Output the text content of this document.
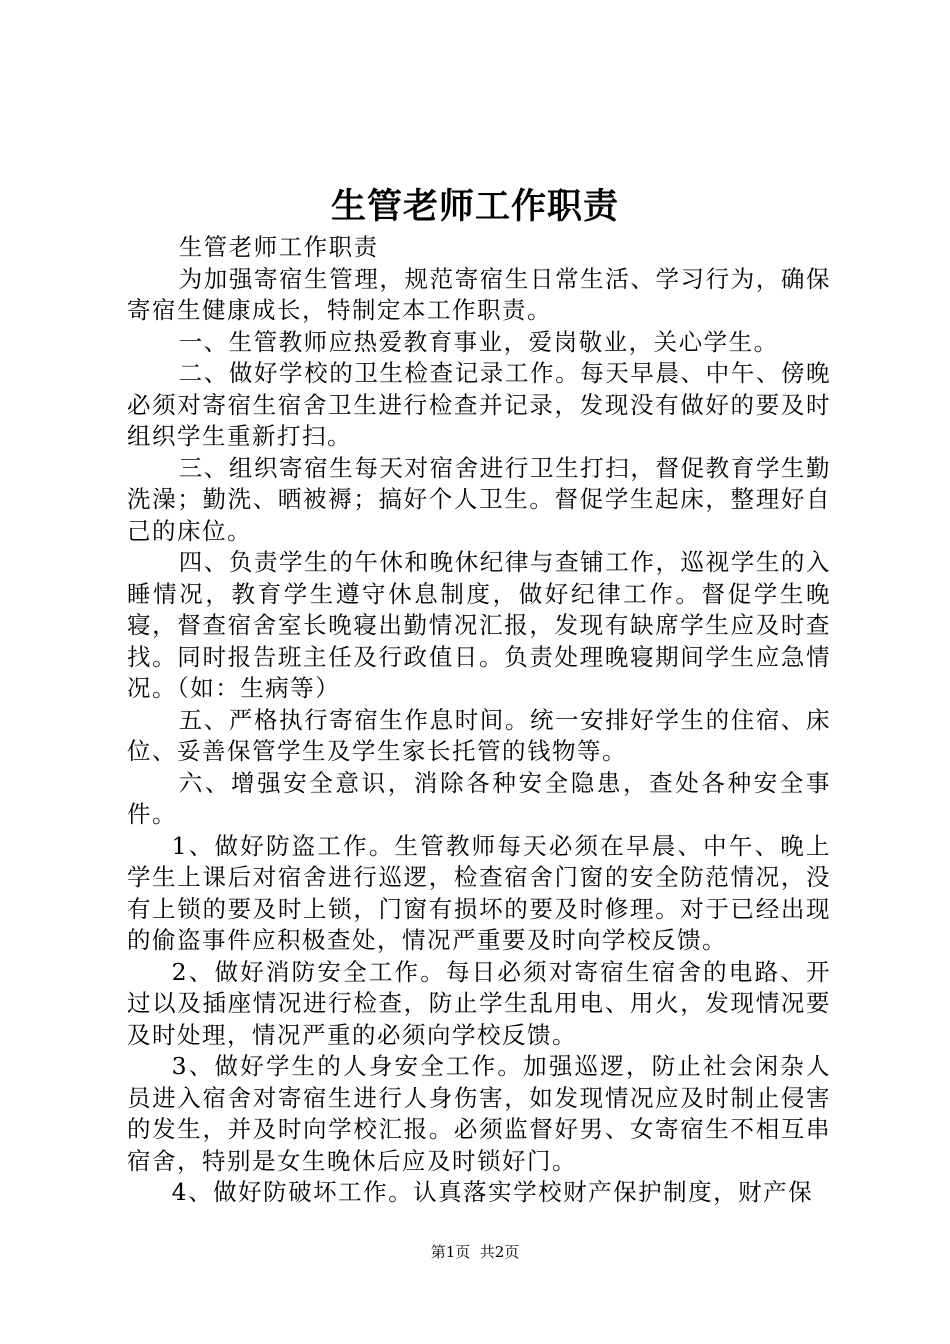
生管老师工作职责

生管老师工作职责

为加强寄宿生管理，规范寄宿生日常生活、学习行为，确保寄宿生健康成长，特制定本工作职责。

一、生管教师应热爱教育事业，爱岗敬业，关心学生。

二、做好学校的卫生检查记录工作。每天早晨、中午、傍晚必须对寄宿生宿舍卫生进行检查并记录，发现没有做好的要及时组织学生重新打扫。

三、组织寄宿生每天对宿舍进行卫生打扫，督促教育学生勤洗澡；勤洗、晒被褥；搞好个人卫生。督促学生起床，整理好自己的床位。

四、负责学生的午休和晚休纪律与查铺工作，巡视学生的入睡情况，教育学生遵守休息制度，做好纪律工作。督促学生晚寝，督查宿舍室长晚寝出勤情况汇报，发现有缺席学生应及时查找。同时报告班主任及行政值日。负责处理晚寝期间学生应急情况。（如：生病等）

五、严格执行寄宿生作息时间。统一安排好学生的住宿、床位、妥善保管学生及学生家长托管的钱物等。

六、增强安全意识，消除各种安全隐患，查处各种安全事件。

1、做好防盗工作。生管教师每天必须在早晨、中午、晚上学生上课后对宿舍进行巡逻，检查宿舍门窗的安全防范情况，没有上锁的要及时上锁，门窗有损坏的要及时修理。对于已经出现的偷盗事件应积极查处，情况严重要及时向学校反馈。

2、做好消防安全工作。每日必须对寄宿生宿舍的电路、开过以及插座情况进行检查，防止学生乱用电、用火，发现情况要及时处理，情况严重的必须向学校反馈。

3、做好学生的人身安全工作。加强巡逻，防止社会闲杂人员进入宿舍对寄宿生进行人身伤害，如发现情况应及时制止侵害的发生，并及时向学校汇报。必须监督好男、女寄宿生不相互串宿舍，特别是女生晚休后应及时锁好门。

4、做好防破坏工作。认真落实学校财产保护制度，财产保

第1页  共2页
